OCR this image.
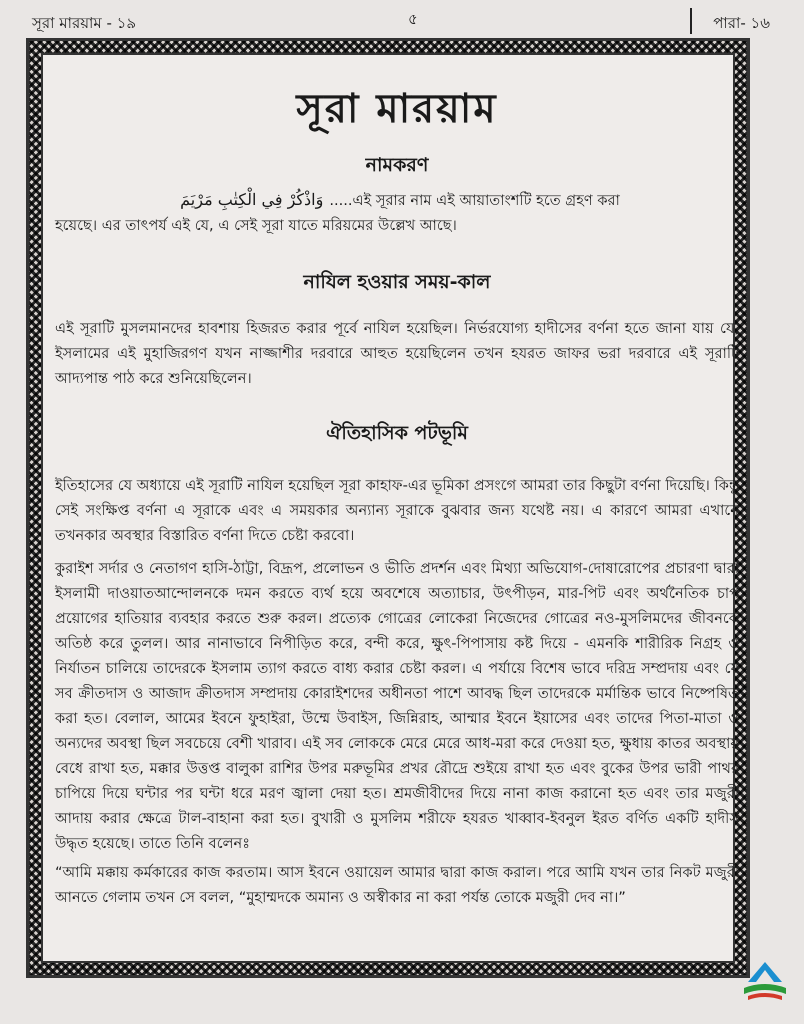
সূরা মারয়াম - ১৯	৫	পারা- ১৬
সূরা মারয়াম
নামকরণ

وَاذْكُرْ فِي الْكِتٰبِ مَرْيَمَ .....এই সূরার নাম এই আয়াতাংশটি হতে গ্রহণ করা

হয়েছে। এর তাৎপর্য এই যে, এ সেই সূরা যাতে মরিয়মের উল্লেখ আছে।

নাযিল হওয়ার সময়-কাল

এই সূরাটি মুসলমানদের হাবশায় হিজরত করার পূর্বে নাযিল হয়েছিল। নির্ভরযোগ্য হাদীসের বর্ণনা হতে জানা যায় যে, ইসলামের এই মুহাজিরগণ যখন নাজ্জাশীর দরবারে আহুত হয়েছিলেন তখন হযরত জাফর ভরা দরবারে এই সূরাটি আদ্যপান্ত পাঠ করে শুনিয়েছিলেন।

ঐতিহাসিক পটভূমি

ইতিহাসের যে অধ্যায়ে এই সূরাটি নাযিল হয়েছিল সূরা কাহাফ-এর ভূমিকা প্রসংগে আমরা তার কিছুটা বর্ণনা দিয়েছি। কিন্তু সেই সংক্ষিপ্ত বর্ণনা এ সূরাকে এবং এ সময়কার অন্যান্য সূরাকে বুঝবার জন্য যথেষ্ট নয়। এ কারণে আমরা এখানে তখনকার অবস্থার বিস্তারিত বর্ণনা দিতে চেষ্টা করবো।

কুরাইশ সর্দার ও নেতাগণ হাসি-ঠাট্টা, বিদ্রূপ, প্রলোভন ও ভীতি প্রদর্শন এবং মিথ্যা অভিযোগ-দোষারোপের প্রচারণা দ্বারা ইসলামী দাওয়াতআন্দোলনকে দমন করতে ব্যর্থ হয়ে অবশেষে অত্যাচার, উৎপীড়ন, মার-পিট এবং অর্থনৈতিক চাপ প্রয়োগের হাতিয়ার ব্যবহার করতে শুরু করল। প্রত্যেক গোত্রের লোকেরা নিজেদের গোত্রের নও-মুসলিমদের জীবনকে অতিষ্ঠ করে তুলল। আর নানাভাবে নিপীড়িত করে, বন্দী করে, ক্ষুৎ-পিপাসায় কষ্ট দিয়ে - এমনকি শারীরিক নিগ্রহ ও নির্যাতন চালিয়ে তাদেরকে ইসলাম ত্যাগ করতে বাধ্য করার চেষ্টা করল। এ পর্যায়ে বিশেষ ভাবে দরিদ্র সম্প্রদায় এবং যে সব ক্রীতদাস ও আজাদ ক্রীতদাস সম্প্রদায় কোরাইশদের অধীনতা পাশে আবদ্ধ ছিল তাদেরকে মর্মান্তিক ভাবে নিষ্পেষিত করা হত। বেলাল, আমের ইবনে ফুহাইরা, উম্মে উবাইস, জিন্নিরাহ, আম্মার ইবনে ইয়াসের এবং তাদের পিতা-মাতা ও অন্যদের অবস্থা ছিল সবচেয়ে বেশী খারাব। এই সব লোককে মেরে মেরে আধ-মরা করে দেওয়া হত, ক্ষুধায় কাতর অবস্থায় বেধে রাখা হত, মক্কার উত্তপ্ত বালুকা রাশির উপর মরুভূমির প্রখর রৌদ্রে শুইয়ে রাখা হত এবং বুকের উপর ভারী পাথর চাপিয়ে দিয়ে ঘন্টার পর ঘন্টা ধরে মরণ জ্বালা দেয়া হত। শ্রমজীবীদের দিয়ে নানা কাজ করানো হত এবং তার মজুরী আদায় করার ক্ষেত্রে টাল-বাহানা করা হত। বুখারী ও মুসলিম শরীফে হযরত খাব্বাব-ইবনুল ইরত বর্ণিত একটি হাদীস উদ্ধৃত হয়েছে। তাতে তিনি বলেনঃ

“আমি মক্কায় কর্মকারের কাজ করতাম। আস ইবনে ওয়ায়েল আমার দ্বারা কাজ করাল। পরে আমি যখন তার নিকট মজুরী আনতে গেলাম তখন সে বলল, “মুহাম্মদকে অমান্য ও অস্বীকার না করা পর্যন্ত তোকে মজুরী দেব না।”
